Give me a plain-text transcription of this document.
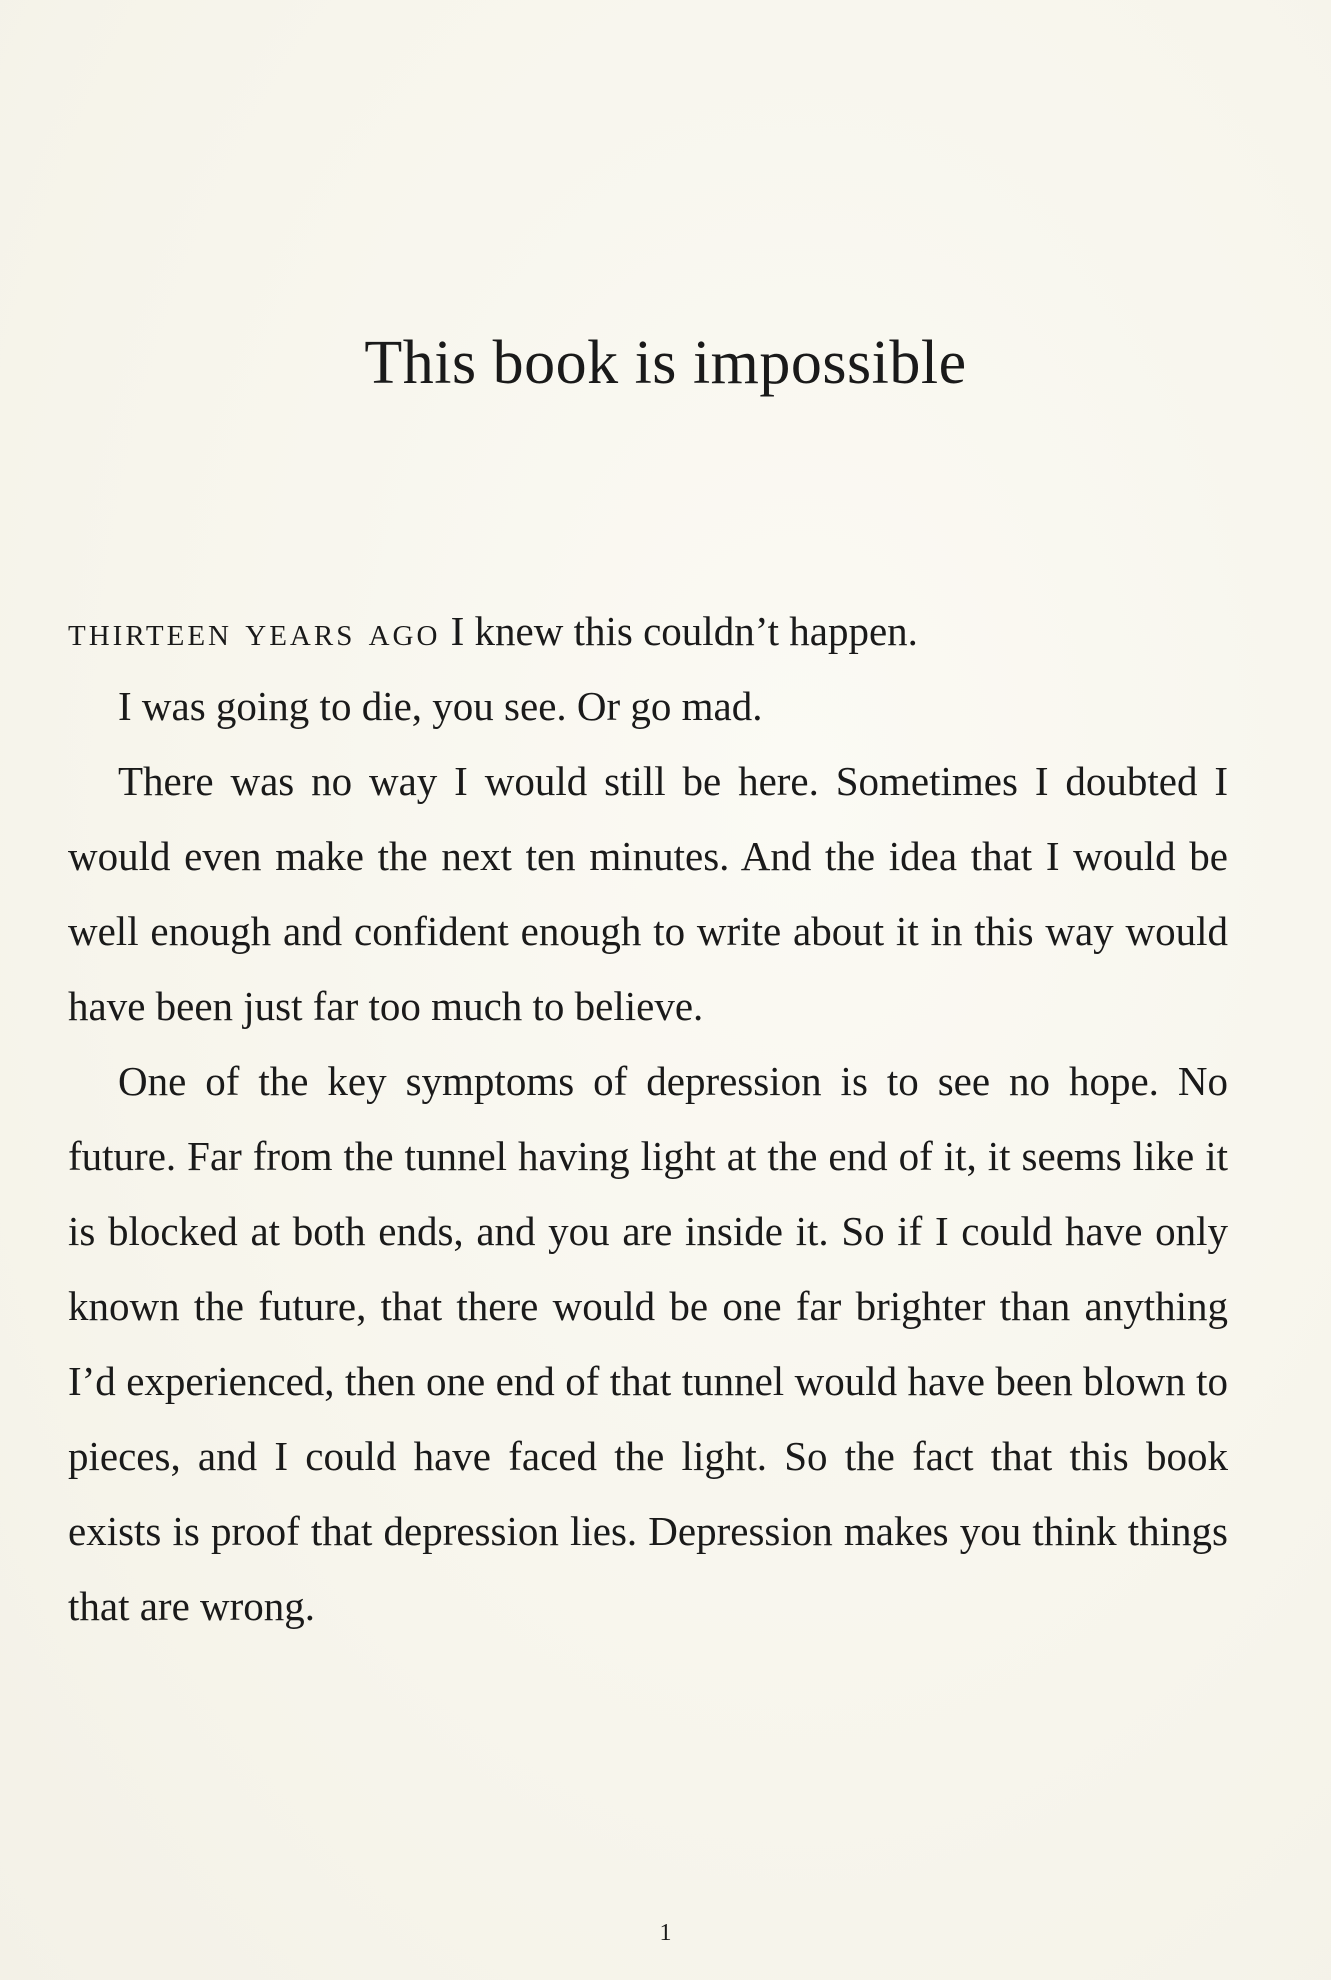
This book is impossible

thirteen years ago I knew this couldn’t happen.

I was going to die, you see. Or go mad.

There was no way I would still be here. Sometimes I doubted I would even make the next ten minutes. And the idea that I would be well enough and confident enough to write about it in this way would have been just far too much to believe.

One of the key symptoms of depression is to see no hope. No future. Far from the tunnel having light at the end of it, it seems like it is blocked at both ends, and you are inside it. So if I could have only known the future, that there would be one far brighter than anything I’d experienced, then one end of that tunnel would have been blown to pieces, and I could have faced the light. So the fact that this book exists is proof that depression lies. Depression makes you think things that are wrong.

1
